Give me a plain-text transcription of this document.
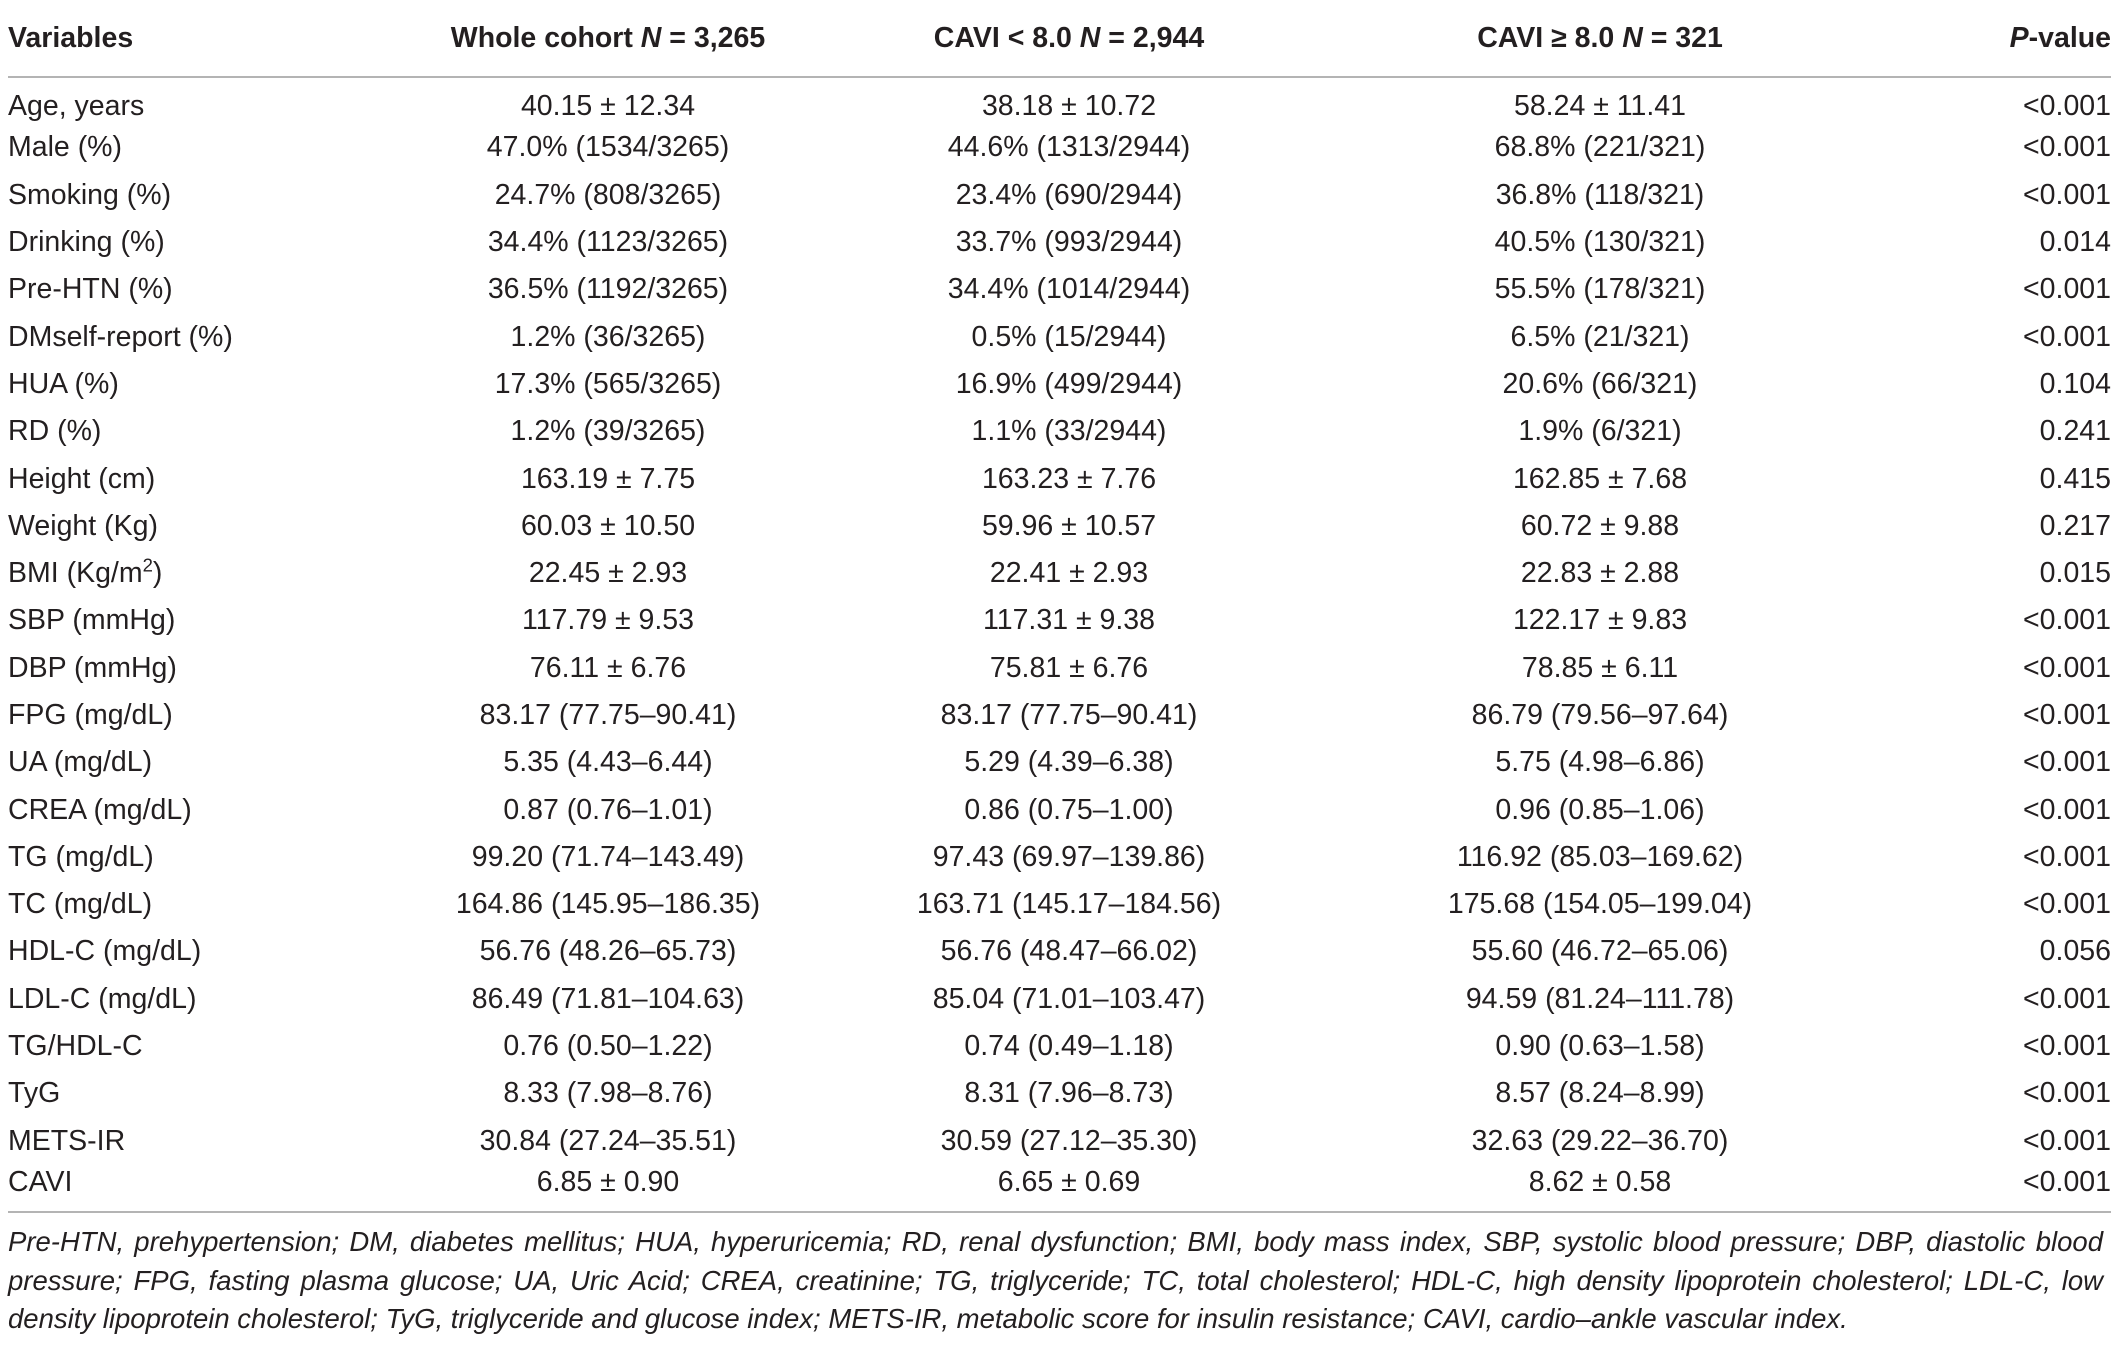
Variables	Whole cohort N = 3,265	CAVI < 8.0 N = 2,944	CAVI ≥ 8.0 N = 321	P-value
Age, years	40.15 ± 12.34	38.18 ± 10.72	58.24 ± 11.41	<0.001
Male (%)	47.0% (1534/3265)	44.6% (1313/2944)	68.8% (221/321)	<0.001
Smoking (%)	24.7% (808/3265)	23.4% (690/2944)	36.8% (118/321)	<0.001
Drinking (%)	34.4% (1123/3265)	33.7% (993/2944)	40.5% (130/321)	0.014
Pre-HTN (%)	36.5% (1192/3265)	34.4% (1014/2944)	55.5% (178/321)	<0.001
DMself-report (%)	1.2% (36/3265)	0.5% (15/2944)	6.5% (21/321)	<0.001
HUA (%)	17.3% (565/3265)	16.9% (499/2944)	20.6% (66/321)	0.104
RD (%)	1.2% (39/3265)	1.1% (33/2944)	1.9% (6/321)	0.241
Height (cm)	163.19 ± 7.75	163.23 ± 7.76	162.85 ± 7.68	0.415
Weight (Kg)	60.03 ± 10.50	59.96 ± 10.57	60.72 ± 9.88	0.217
BMI $(Kg/m^2)$	22.45 ± 2.93	22.41 ± 2.93	22.83 ± 2.88	0.015
SBP (mmHg)	117.79 ± 9.53	117.31 ± 9.38	122.17 ± 9.83	<0.001
DBP (mmHg)	76.11 ± 6.76	75.81 ± 6.76	78.85 ± 6.11	<0.001
FPG (mg/dL)	83.17 (77.75–90.41)	83.17 (77.75–90.41)	86.79 (79.56–97.64)	<0.001
UA (mg/dL)	5.35 (4.43–6.44)	5.29 (4.39–6.38)	5.75 (4.98–6.86)	<0.001
CREA (mg/dL)	0.87 (0.76–1.01)	0.86 (0.75–1.00)	0.96 (0.85–1.06)	<0.001
TG (mg/dL)	99.20 (71.74–143.49)	97.43 (69.97–139.86)	116.92 (85.03–169.62)	<0.001
TC (mg/dL)	164.86 (145.95–186.35)	163.71 (145.17–184.56)	175.68 (154.05–199.04)	<0.001
HDL-C (mg/dL)	56.76 (48.26–65.73)	56.76 (48.47–66.02)	55.60 (46.72–65.06)	0.056
LDL-C (mg/dL)	86.49 (71.81–104.63)	85.04 (71.01–103.47)	94.59 (81.24–111.78)	<0.001
TG/HDL-C	0.76 (0.50–1.22)	0.74 (0.49–1.18)	0.90 (0.63–1.58)	<0.001
TyG	8.33 (7.98–8.76)	8.31 (7.96–8.73)	8.57 (8.24–8.99)	<0.001
METS-IR	30.84 (27.24–35.51)	30.59 (27.12–35.30)	32.63 (29.22–36.70)	<0.001
CAVI	6.85 ± 0.90	6.65 ± 0.69	8.62 ± 0.58	<0.001

Pre-HTN, prehypertension; DM, diabetes mellitus; HUA, hyperuricemia; RD, renal dysfunction; BMI, body mass index, SBP, systolic blood pressure; DBP, diastolic blood pressure; FPG, fasting plasma glucose; UA, Uric Acid; CREA, creatinine; TG, triglyceride; TC, total cholesterol; HDL-C, high density lipoprotein cholesterol; LDL-C, low density lipoprotein cholesterol; TyG, triglyceride and glucose index; METS-IR, metabolic score for insulin resistance; CAVI, cardio–ankle vascular index.
